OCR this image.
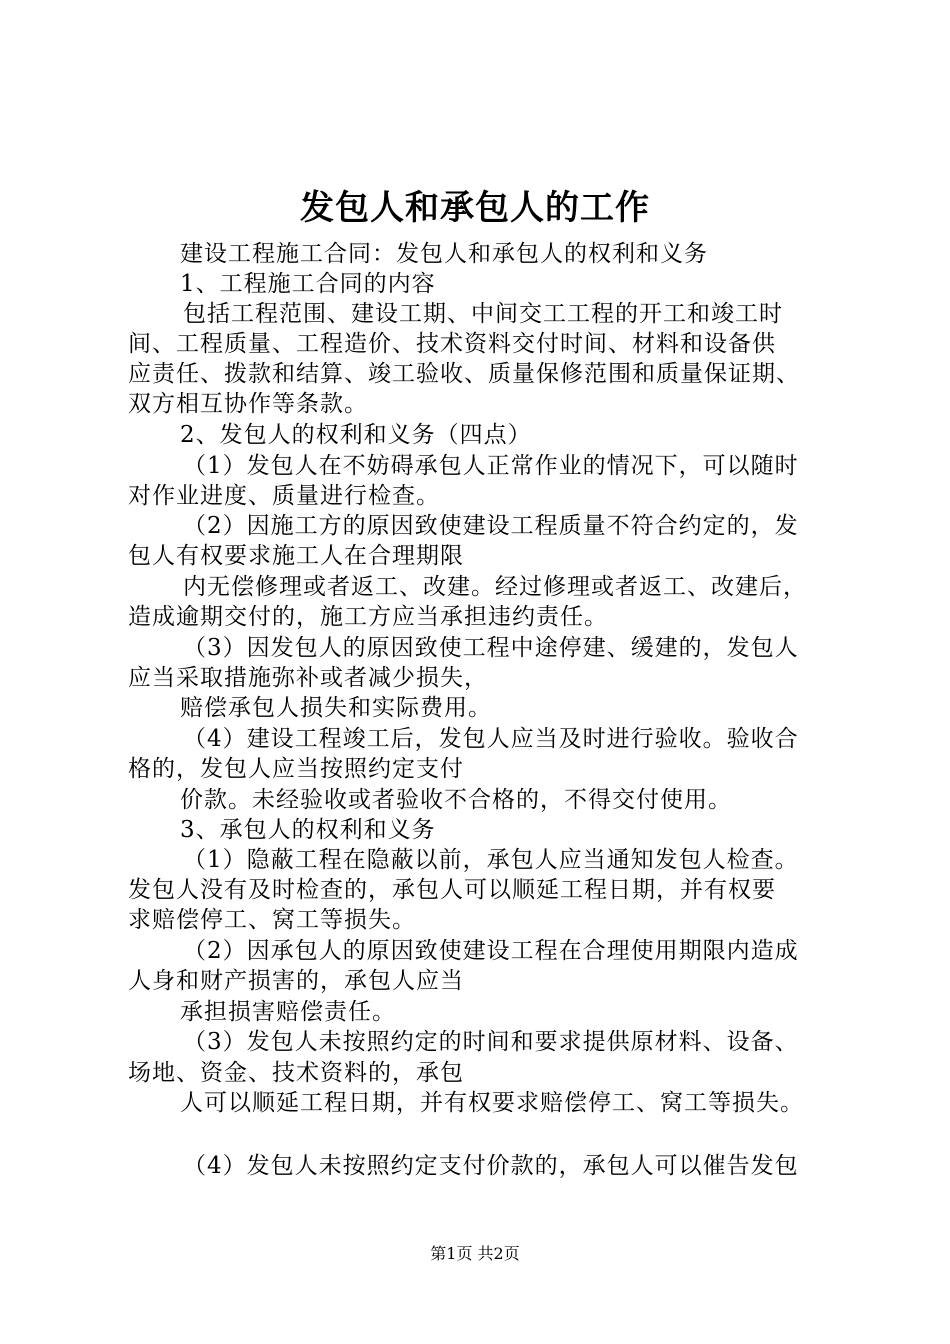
发包人和承包人的工作
建设工程施工合同：发包人和承包人的权利和义务
1、工程施工合同的内容
包括工程范围、建设工期、中间交工工程的开工和竣工时
间、工程质量、工程造价、技术资料交付时间、材料和设备供
应责任、拨款和结算、竣工验收、质量保修范围和质量保证期、
双方相互协作等条款。
2、发包人的权利和义务（四点）
（1）发包人在不妨碍承包人正常作业的情况下，可以随时
对作业进度、质量进行检查。
（2）因施工方的原因致使建设工程质量不符合约定的，发
包人有权要求施工人在合理期限
内无偿修理或者返工、改建。经过修理或者返工、改建后，
造成逾期交付的，施工方应当承担违约责任。
（3）因发包人的原因致使工程中途停建、缓建的，发包人
应当采取措施弥补或者减少损失，
赔偿承包人损失和实际费用。
（4）建设工程竣工后，发包人应当及时进行验收。验收合
格的，发包人应当按照约定支付
价款。未经验收或者验收不合格的，不得交付使用。
3、承包人的权利和义务
（1）隐蔽工程在隐蔽以前，承包人应当通知发包人检查。
发包人没有及时检查的，承包人可以顺延工程日期，并有权要
求赔偿停工、窝工等损失。
（2）因承包人的原因致使建设工程在合理使用期限内造成
人身和财产损害的，承包人应当
承担损害赔偿责任。
（3）发包人未按照约定的时间和要求提供原材料、设备、
场地、资金、技术资料的，承包
人可以顺延工程日期，并有权要求赔偿停工、窝工等损失。
（4）发包人未按照约定支付价款的，承包人可以催告发包
第1页 共2页
